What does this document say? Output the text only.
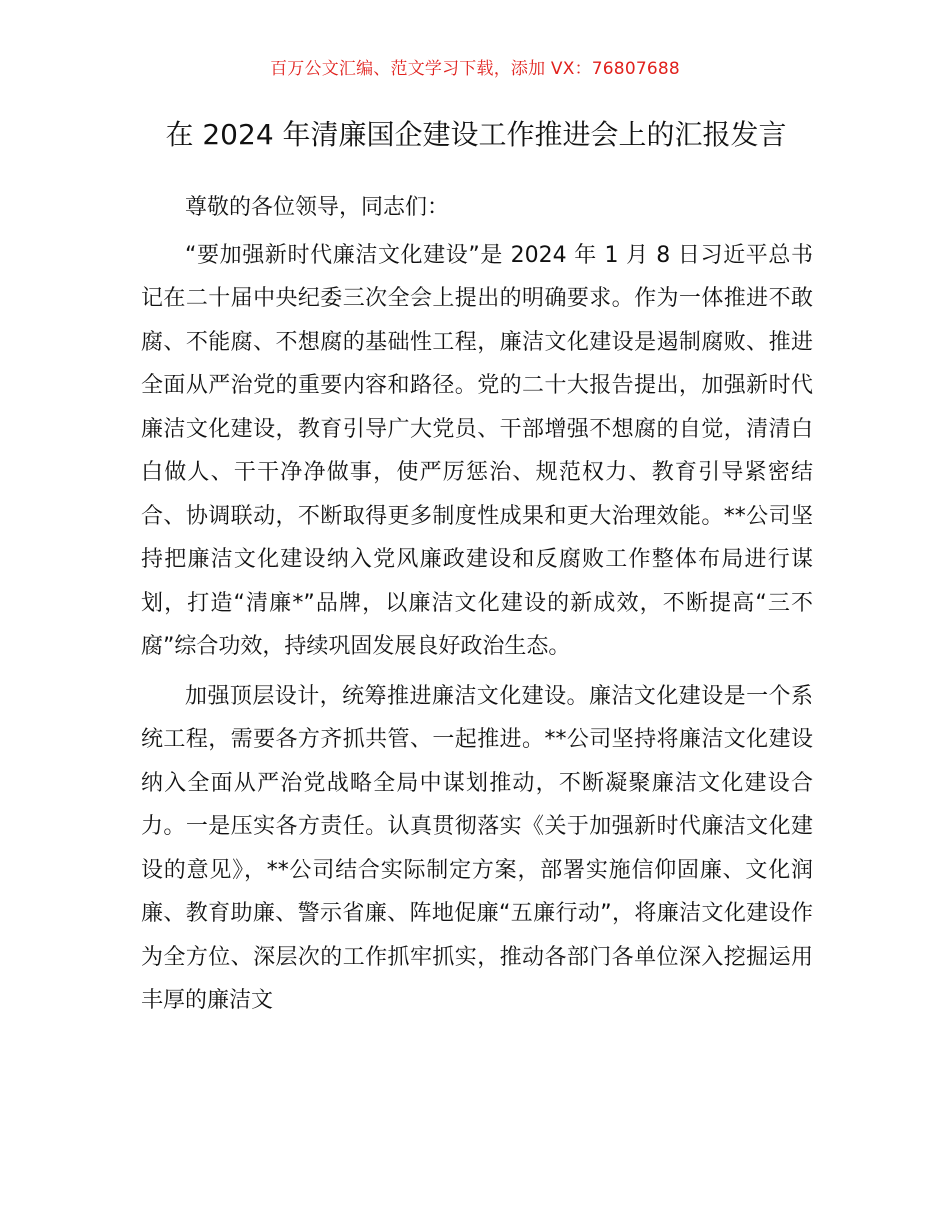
百万公文汇编、范文学习下载，添加 VX：76807688
在 2024 年清廉国企建设工作推进会上的汇报发言

尊敬的各位领导，同志们：

“要加强新时代廉洁文化建设”是 2024 年 1 月 8 日习近平总书记在二十届中央纪委三次全会上提出的明确要求。作为一体推进不敢腐、不能腐、不想腐的基础性工程，廉洁文化建设是遏制腐败、推进全面从严治党的重要内容和路径。党的二十大报告提出，加强新时代廉洁文化建设，教育引导广大党员、干部增强不想腐的自觉，清清白白做人、干干净净做事，使严厉惩治、规范权力、教育引导紧密结合、协调联动，不断取得更多制度性成果和更大治理效能。**公司坚持把廉洁文化建设纳入党风廉政建设和反腐败工作整体布局进行谋划，打造“清廉*”品牌，以廉洁文化建设的新成效，不断提高“三不腐”综合功效，持续巩固发展良好政治生态。

加强顶层设计，统筹推进廉洁文化建设。廉洁文化建设是一个系统工程，需要各方齐抓共管、一起推进。**公司坚持将廉洁文化建设纳入全面从严治党战略全局中谋划推动，不断凝聚廉洁文化建设合力。一是压实各方责任。认真贯彻落实《关于加强新时代廉洁文化建设的意见》，**公司结合实际制定方案，部署实施信仰固廉、文化润廉、教育助廉、警示省廉、阵地促廉“五廉行动”，将廉洁文化建设作为全方位、深层次的工作抓牢抓实，推动各部门各单位深入挖掘运用丰厚的廉洁文
